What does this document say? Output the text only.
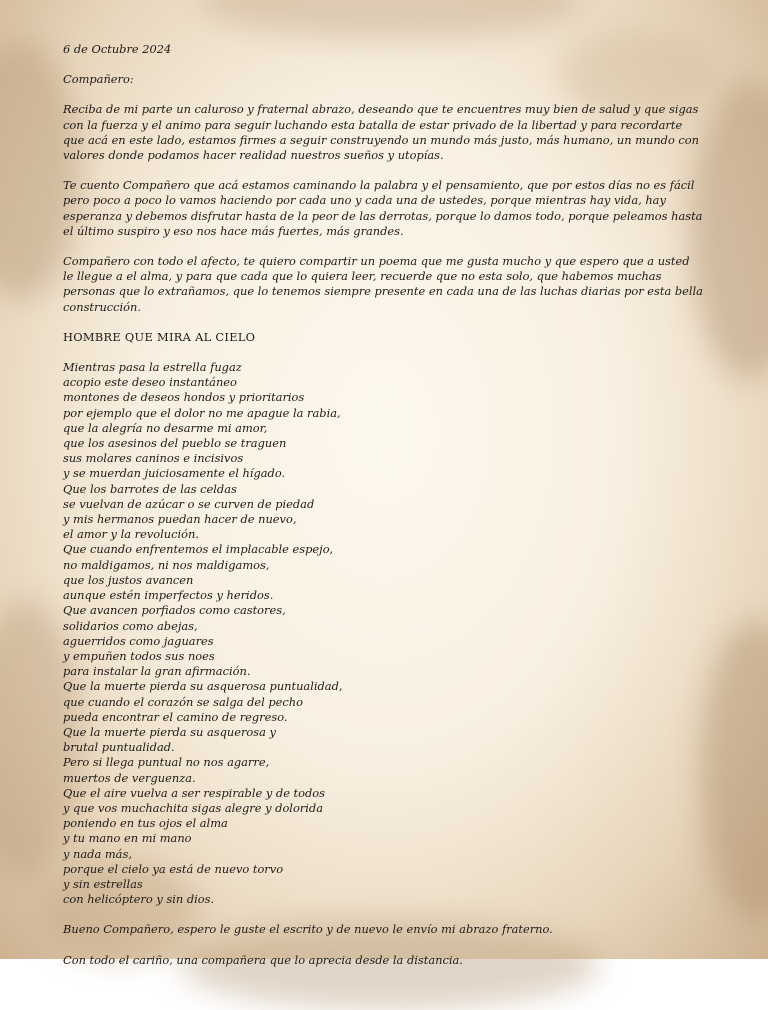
6 de Octubre 2024

Compañero:

Reciba de mi parte un caluroso y fraternal abrazo, deseando que te encuentres muy bien de salud y que sigas con la fuerza y el animo para seguir luchando esta batalla de estar privado de la libertad y para recordarte que acá en este lado, estamos firmes a seguir construyendo un mundo más justo, más humano, un mundo con valores donde podamos hacer realidad nuestros sueños y utopías.

Te cuento Compañero que acá estamos caminando la palabra y el pensamiento, que por estos días no es fácil pero poco a poco lo vamos haciendo por cada uno y cada una de ustedes, porque mientras hay vida, hay esperanza y debemos disfrutar hasta de la peor de las derrotas, porque lo damos todo, porque peleamos hasta el último suspiro y eso nos hace más fuertes, más grandes.

Compañero con todo el afecto, te quiero compartir un poema que me gusta mucho y que espero que a usted le llegue a el alma, y para que cada que lo quiera leer, recuerde que no esta solo, que habemos muchas personas que lo extrañamos, que lo tenemos siempre presente en cada una de las luchas diarias por esta bella construcción.

HOMBRE QUE MIRA AL CIELO

Mientras pasa la estrella fugaz
acopio este deseo instantáneo
montones de deseos hondos y prioritarios
por ejemplo que el dolor no me apague la rabia,
que la alegría no desarme mi amor,
que los asesinos del pueblo se traguen
sus molares caninos e incisivos
y se muerdan juiciosamente el hígado.
Que los barrotes de las celdas
se vuelvan de azúcar o se curven de piedad
y mis hermanos puedan hacer de nuevo,
el amor y la revolución.
Que cuando enfrentemos el implacable espejo,
no maldigamos, ni nos maldigamos,
que los justos avancen
aunque estén imperfectos y heridos.
Que avancen porfiados como castores,
solidarios como abejas,
aguerridos como jaguares
y empuñen todos sus noes
para instalar la gran afirmación.
Que la muerte pierda su asquerosa puntualidad,
que cuando el corazón se salga del pecho
pueda encontrar el camino de regreso.
Que la muerte pierda su asquerosa y
brutal puntualidad.
Pero si llega puntual no nos agarre,
muertos de verguenza.
Que el aire vuelva a ser respirable y de todos
y que vos muchachita sigas alegre y dolorida
poniendo en tus ojos el alma
y tu mano en mi mano
y nada más,
porque el cielo ya está de nuevo torvo
y sin estrellas
con helicóptero y sin dios.

Bueno Compañero, espero le guste el escrito y de nuevo le envío mi abrazo fraterno.

Con todo el cariño, una compañera que lo aprecia desde la distancia.
